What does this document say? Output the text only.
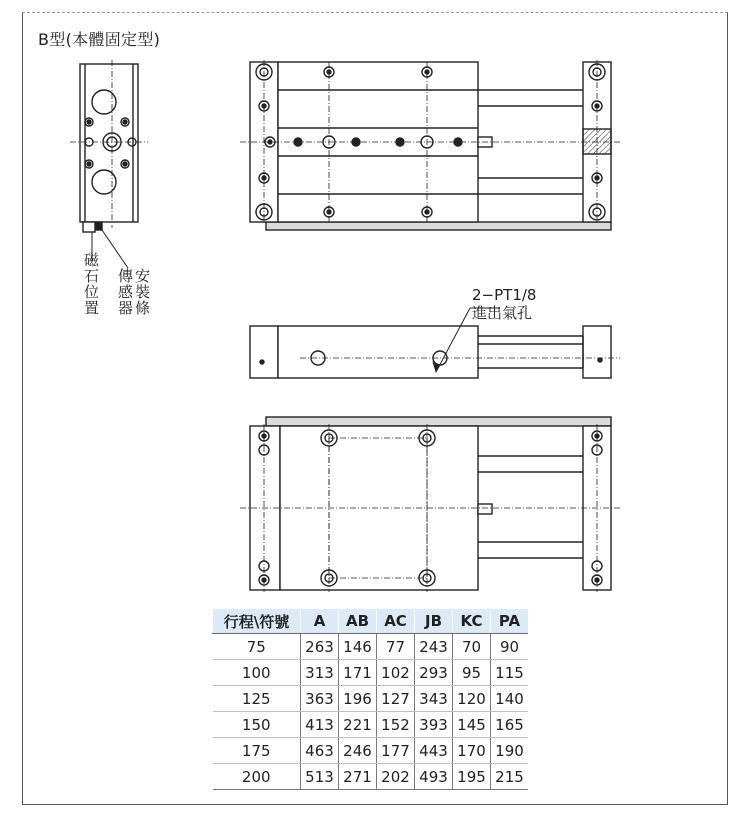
B型(本體固定型)
磁石位置 傳感器 安裝條	2−PT1/8
進出氣孔
行程\符號	A	AB	AC	JB	KC	PA
75	263	146	77	243	70	90
100	313	171	102	293	95	115
125	363	196	127	343	120	140
150	413	221	152	393	145	165
175	463	246	177	443	170	190
200	513	271	202	493	195	215
